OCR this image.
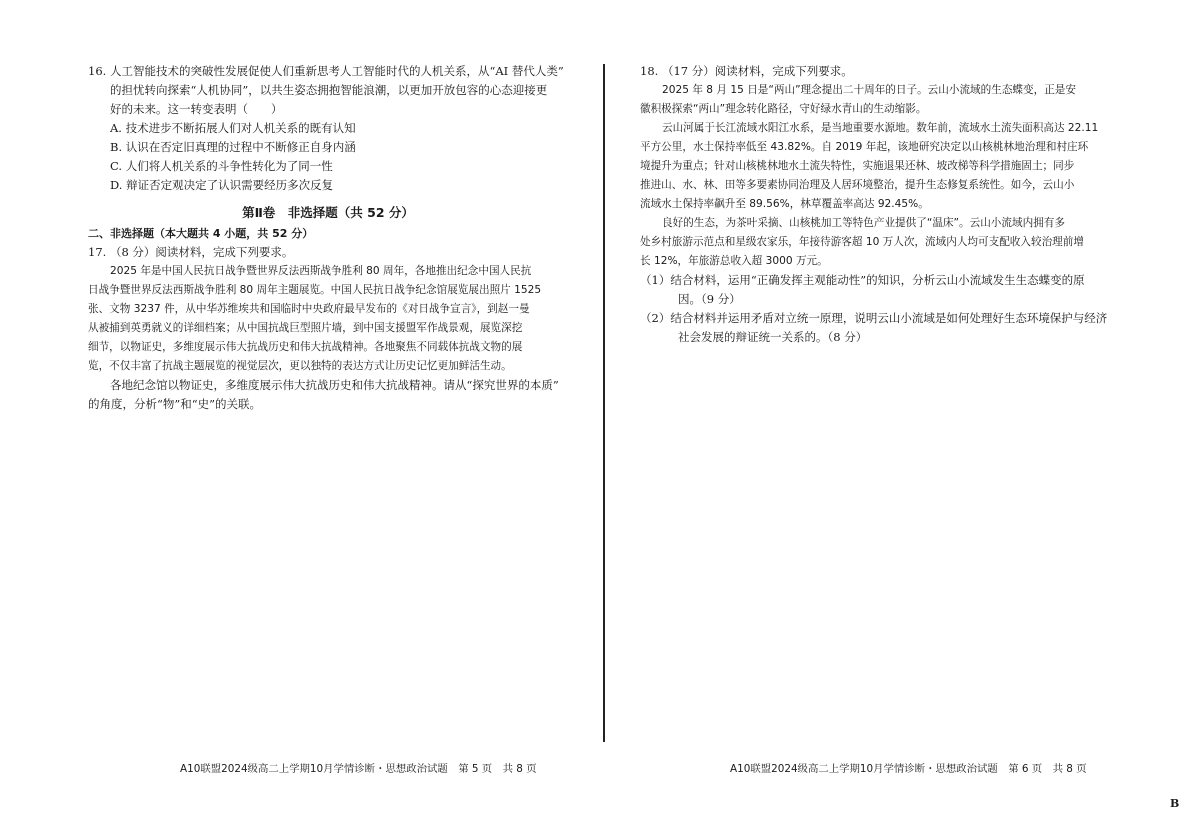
16. 人工智能技术的突破性发展促使人们重新思考人工智能时代的人机关系，从“AI 替代人类”
的担忧转向探索“人机协同”，以共生姿态拥抱智能浪潮，以更加开放包容的心态迎接更
好的未来。这一转变表明（　　）
A. 技术进步不断拓展人们对人机关系的既有认知
B. 认识在否定旧真理的过程中不断修正自身内涵
C. 人们将人机关系的斗争性转化为了同一性
D. 辩证否定观决定了认识需要经历多次反复
第Ⅱ卷　非选择题（共 52 分）
二、非选择题（本大题共 4 小题，共 52 分）
17. （8 分）阅读材料，完成下列要求。
2025 年是中国人民抗日战争暨世界反法西斯战争胜利 80 周年，各地推出纪念中国人民抗
日战争暨世界反法西斯战争胜利 80 周年主题展览。中国人民抗日战争纪念馆展览展出照片 1525
张、文物 3237 件，从中华苏维埃共和国临时中央政府最早发布的《对日战争宣言》，到赵一曼
从被捕到英勇就义的详细档案；从中国抗战巨型照片墙，到中国支援盟军作战景观，展览深挖
细节，以物证史，多维度展示伟大抗战历史和伟大抗战精神。各地聚焦不同载体抗战文物的展
览，不仅丰富了抗战主题展览的视觉层次，更以独特的表达方式让历史记忆更加鲜活生动。
各地纪念馆以物证史，多维度展示伟大抗战历史和伟大抗战精神。请从“探究世界的本质”
的角度，分析“物”和“史”的关联。
18. （17 分）阅读材料，完成下列要求。
2025 年 8 月 15 日是“两山”理念提出二十周年的日子。云山小流域的生态蝶变，正是安
徽积极探索“两山”理念转化路径，守好绿水青山的生动缩影。
云山河属于长江流域水阳江水系，是当地重要水源地。数年前，流域水土流失面积高达 22.11
平方公里，水土保持率低至 43.82%。自 2019 年起，该地研究决定以山核桃林地治理和村庄环
境提升为重点；针对山核桃林地水土流失特性，实施退果还林、坡改梯等科学措施固土；同步
推进山、水、林、田等多要素协同治理及人居环境整治，提升生态修复系统性。如今，云山小
流域水土保持率飙升至 89.56%，林草覆盖率高达 92.45%。
良好的生态，为茶叶采摘、山核桃加工等特色产业提供了“温床”。云山小流域内拥有多
处乡村旅游示范点和星级农家乐，年接待游客超 10 万人次，流域内人均可支配收入较治理前增
长 12%，年旅游总收入超 3000 万元。
（1）结合材料，运用“正确发挥主观能动性”的知识，分析云山小流域发生生态蝶变的原
因。（9 分）
（2）结合材料并运用矛盾对立统一原理，说明云山小流域是如何处理好生态环境保护与经济
社会发展的辩证统一关系的。（8 分）
A10联盟2024级高二上学期10月学情诊断・思想政治试题　第 5 页　共 8 页	A10联盟2024级高二上学期10月学情诊断・思想政治试题　第 6 页　共 8 页
B
